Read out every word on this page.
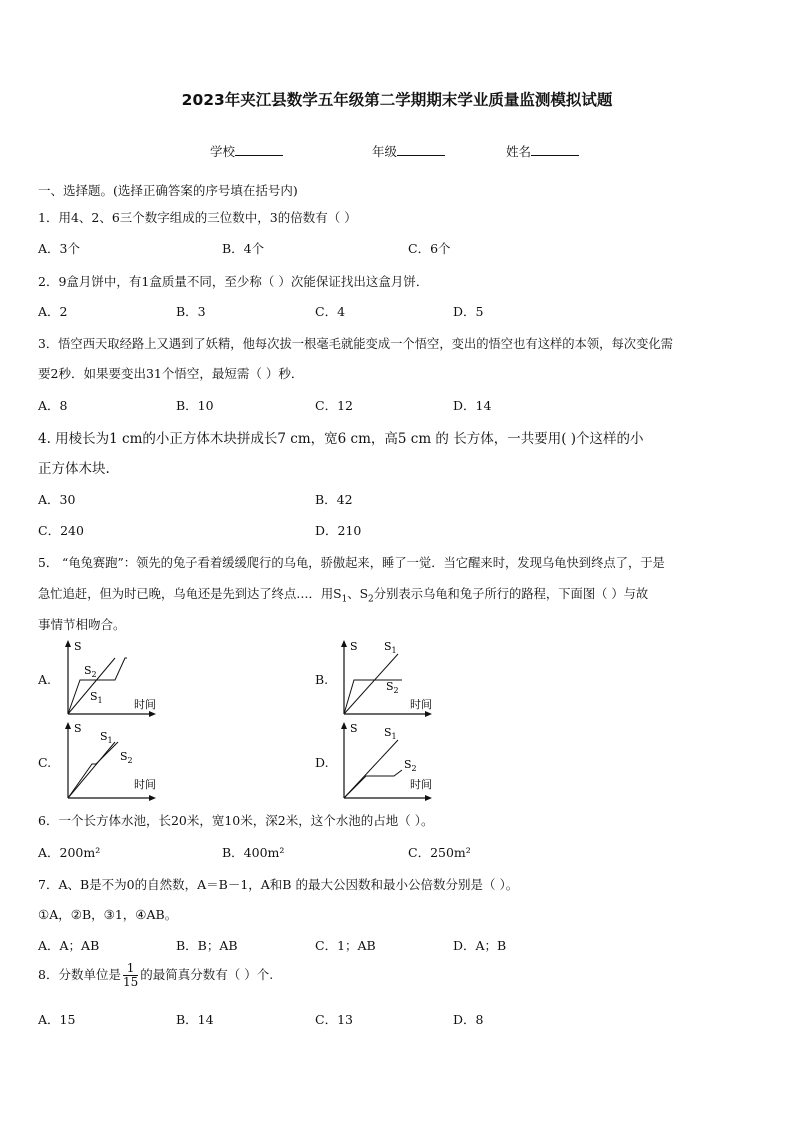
2023年夹江县数学五年级第二学期期末学业质量监测模拟试题
学校	年级	姓名
一、选择题。(选择正确答案的序号填在括号内)
1．用4、2、6三个数字组成的三位数中，3的倍数有（ ）
A．3个	B．4个	C．6个
2．9盒月饼中，有1盒质量不同，至少称（ ）次能保证找出这盒月饼．
A．2	B．3	C．4	D．5
3．悟空西天取经路上又遇到了妖精，他每次拔一根毫毛就能变成一个悟空，变出的悟空也有这样的本领，每次变化需
要2秒．如果要变出31个悟空，最短需（ ）秒．
A．8	B．10	C．12	D．14
4. 用棱长为1 cm的小正方体木块拼成长7 cm，宽6 cm，高5 cm 的 长方体，一共要用( )个这样的小
正方体木块.
A．30	B．42
C．240	D．210
5． “龟兔赛跑”：领先的兔子看着缓缓爬行的乌龟，骄傲起来，睡了一觉．当它醒来时，发现乌龟快到终点了，于是
急忙追赶，但为时已晚，乌龟还是先到达了终点…．用$S_1$、$S_2$分别表示乌龟和兔子所行的路程，下面图（ ）与故
事情节相吻合。
A.	B.
C.	D.
S
$S_2$
$S_1$	时间
S $S_1$
$S_2$
时间
S
$S_1$
$S_2$
时间
S $S_1$
$S_2$
时间
6．一个长方体水池，长20米，宽10米，深2米，这个水池的占地（ ）。
A．200m²	B．400m²	C．250m²
7．A、B是不为0的自然数，A＝B－1，A和B 的最大公因数和最小公倍数分别是（ ）。
①A，②B，③1，④AB。
A．A；AB	B．B；AB	C．1；AB	D．A；B
8．分数单位是 $\frac{1}{15}$ 的最简真分数有（ ）个.
A．15	B．14	C．13	D．8
